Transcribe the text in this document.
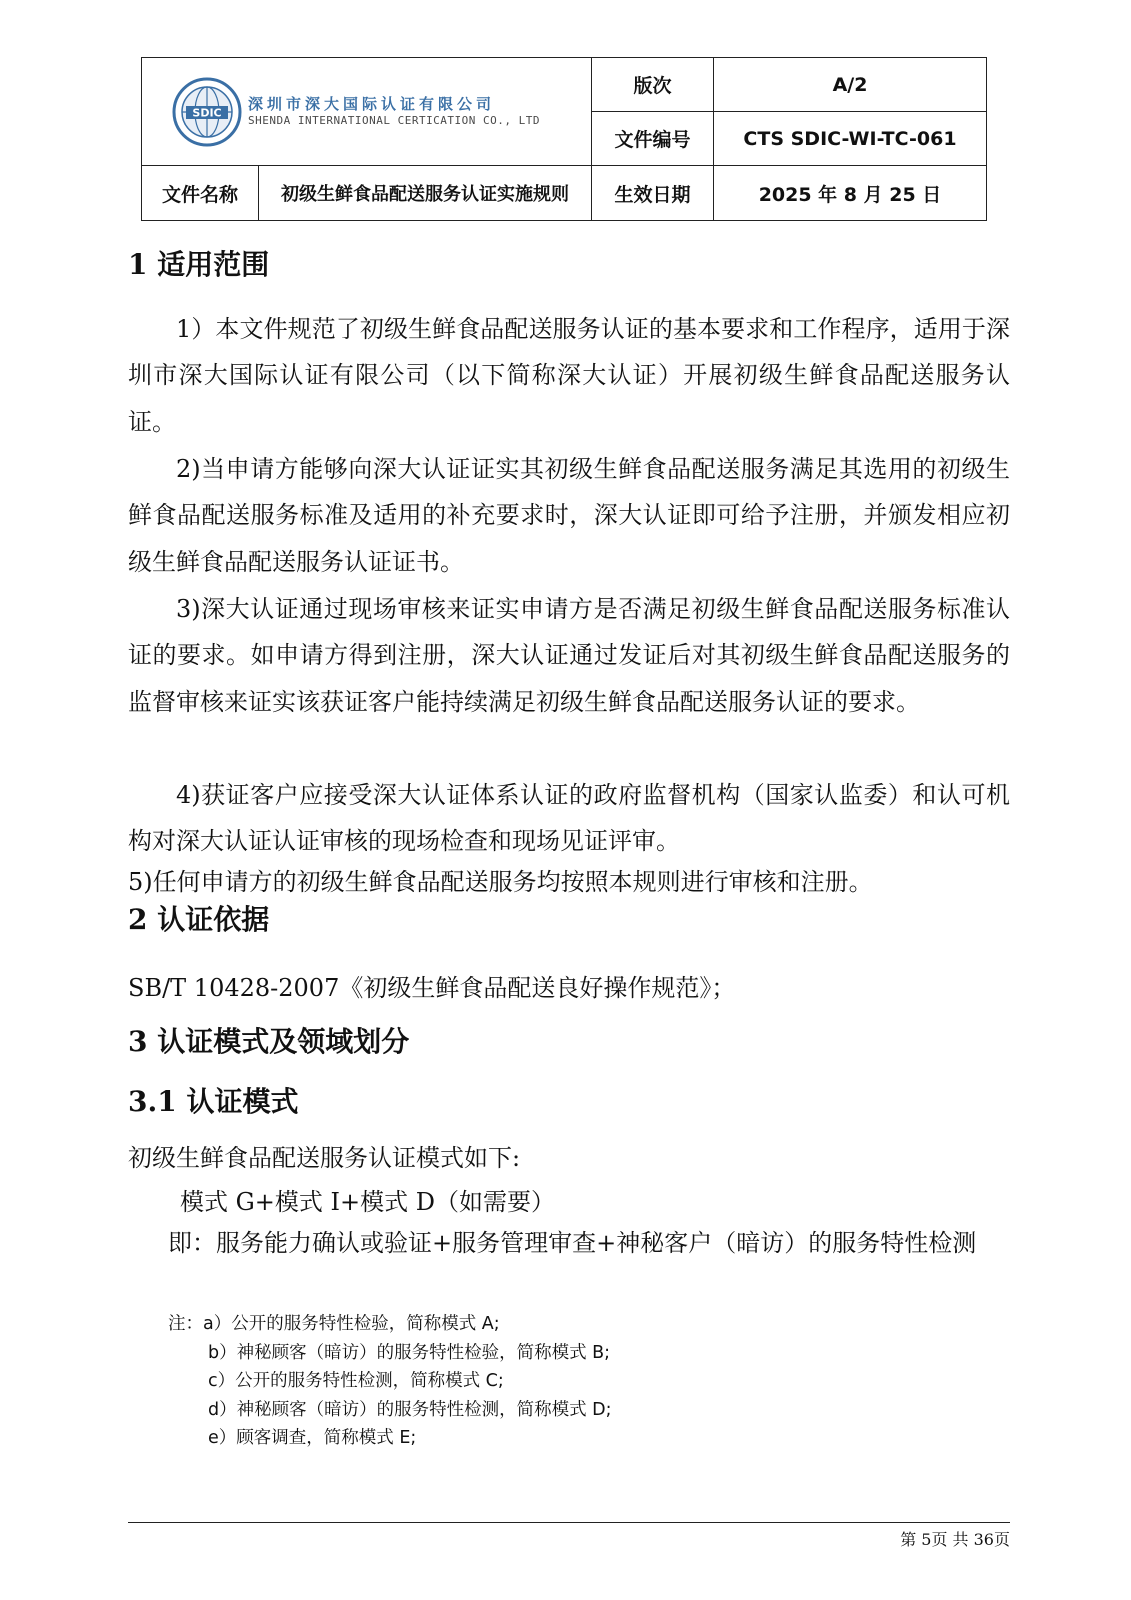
SDIC 深圳市深大国际认证有限公司
SHENDA INTERNATIONAL CERTICATION CO., LTD		版次	A/2
		文件编号	CTS SDIC-WI-TC-061
文件名称	初级生鲜食品配送服务认证实施规则	生效日期	2025 年 8 月 25 日
1 适用范围
1）本文件规范了初级生鲜食品配送服务认证的基本要求和工作程序，适用于深圳市深大国际认证有限公司（以下简称深大认证）开展初级生鲜食品配送服务认证。
2)当申请方能够向深大认证证实其初级生鲜食品配送服务满足其选用的初级生鲜食品配送服务标准及适用的补充要求时，深大认证即可给予注册，并颁发相应初级生鲜食品配送服务认证证书。
3)深大认证通过现场审核来证实申请方是否满足初级生鲜食品配送服务标准认证的要求。如申请方得到注册，深大认证通过发证后对其初级生鲜食品配送服务的监督审核来证实该获证客户能持续满足初级生鲜食品配送服务认证的要求。
4)获证客户应接受深大认证体系认证的政府监督机构（国家认监委）和认可机构对深大认证认证审核的现场检查和现场见证评审。
5)任何申请方的初级生鲜食品配送服务均按照本规则进行审核和注册。
2 认证依据
SB/T 10428-2007《初级生鲜食品配送良好操作规范》；
3 认证模式及领域划分
3.1 认证模式
初级生鲜食品配送服务认证模式如下:
模式 G+模式 I+模式 D（如需要）
即：服务能力确认或验证+服务管理审查+神秘客户（暗访）的服务特性检测
注：a）公开的服务特性检验，简称模式 A;
b）神秘顾客（暗访）的服务特性检验，简称模式 B;
c）公开的服务特性检测，简称模式 C;
d）神秘顾客（暗访）的服务特性检测，简称模式 D;
e）顾客调查，简称模式 E;
第 5页 共 36页
